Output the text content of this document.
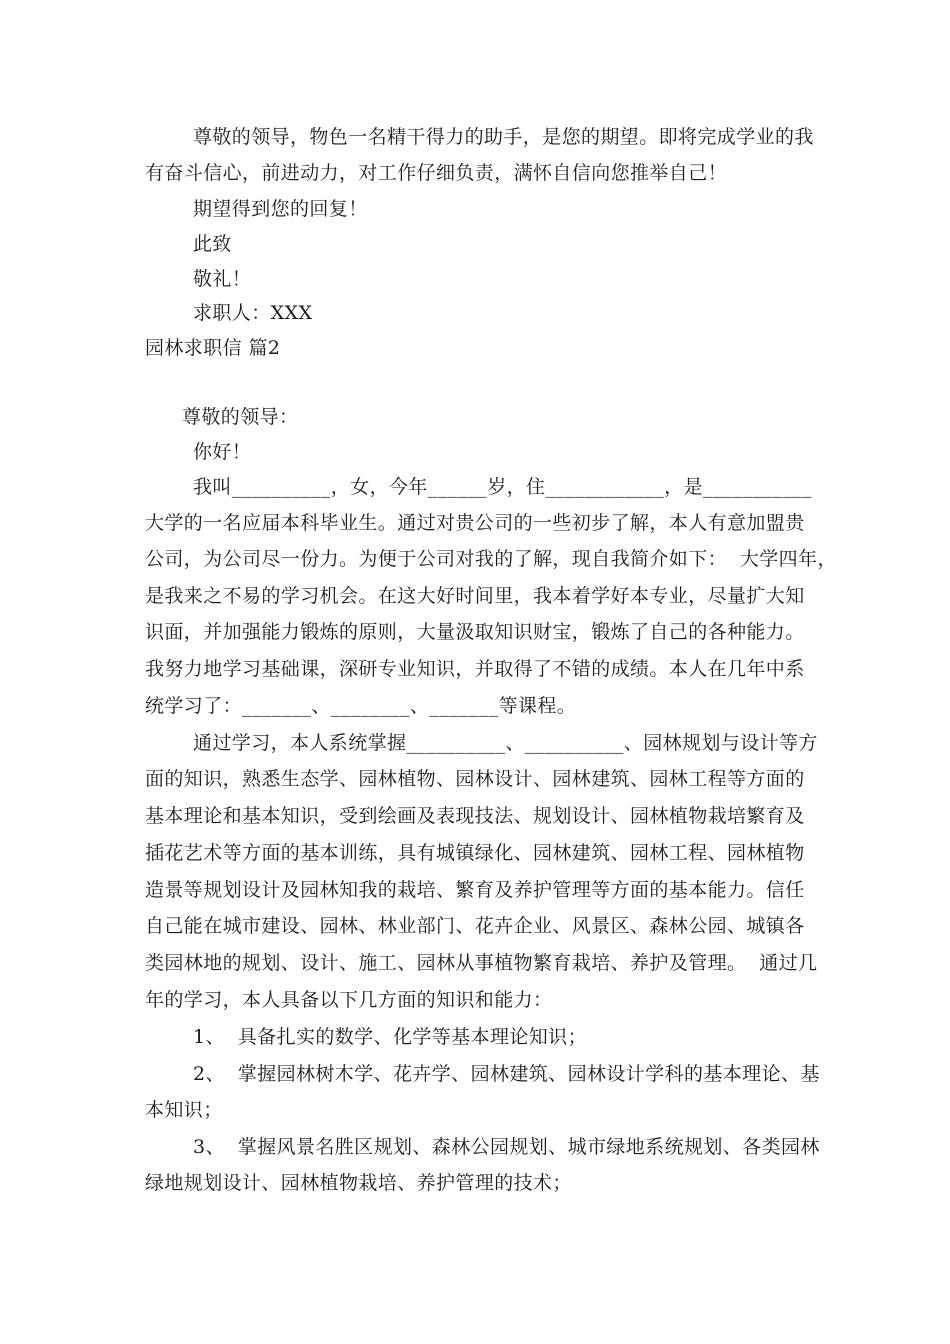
尊敬的领导，物色一名精干得力的助手，是您的期望。即将完成学业的我
有奋斗信心，前进动力，对工作仔细负责，满怀自信向您推举自己！
期望得到您的回复！
此致
敬礼！
求职人：XXX
园林求职信 篇2
尊敬的领导：
你好！
我叫__________，女，今年______岁，住____________，是___________
大学的一名应届本科毕业生。通过对贵公司的一些初步了解，本人有意加盟贵
公司，为公司尽一份力。为便于公司对我的了解，现自我简介如下：  大学四年，
是我来之不易的学习机会。在这大好时间里，我本着学好本专业，尽量扩大知
识面，并加强能力锻炼的原则，大量汲取知识财宝，锻炼了自己的各种能力。
我努力地学习基础课，深研专业知识，并取得了不错的成绩。本人在几年中系
统学习了：_______、________、_______等课程。
通过学习，本人系统掌握__________、__________、园林规划与设计等方
面的知识，熟悉生态学、园林植物、园林设计、园林建筑、园林工程等方面的
基本理论和基本知识，受到绘画及表现技法、规划设计、园林植物栽培繁育及
插花艺术等方面的基本训练，具有城镇绿化、园林建筑、园林工程、园林植物
造景等规划设计及园林知我的栽培、繁育及养护管理等方面的基本能力。信任
自己能在城市建设、园林、林业部门、花卉企业、风景区、森林公园、城镇各
类园林地的规划、设计、施工、园林从事植物繁育栽培、养护及管理。  通过几
年的学习，本人具备以下几方面的知识和能力：
1、  具备扎实的数学、化学等基本理论知识；
2、  掌握园林树木学、花卉学、园林建筑、园林设计学科的基本理论、基
本知识；
3、  掌握风景名胜区规划、森林公园规划、城市绿地系统规划、各类园林
绿地规划设计、园林植物栽培、养护管理的技术；
